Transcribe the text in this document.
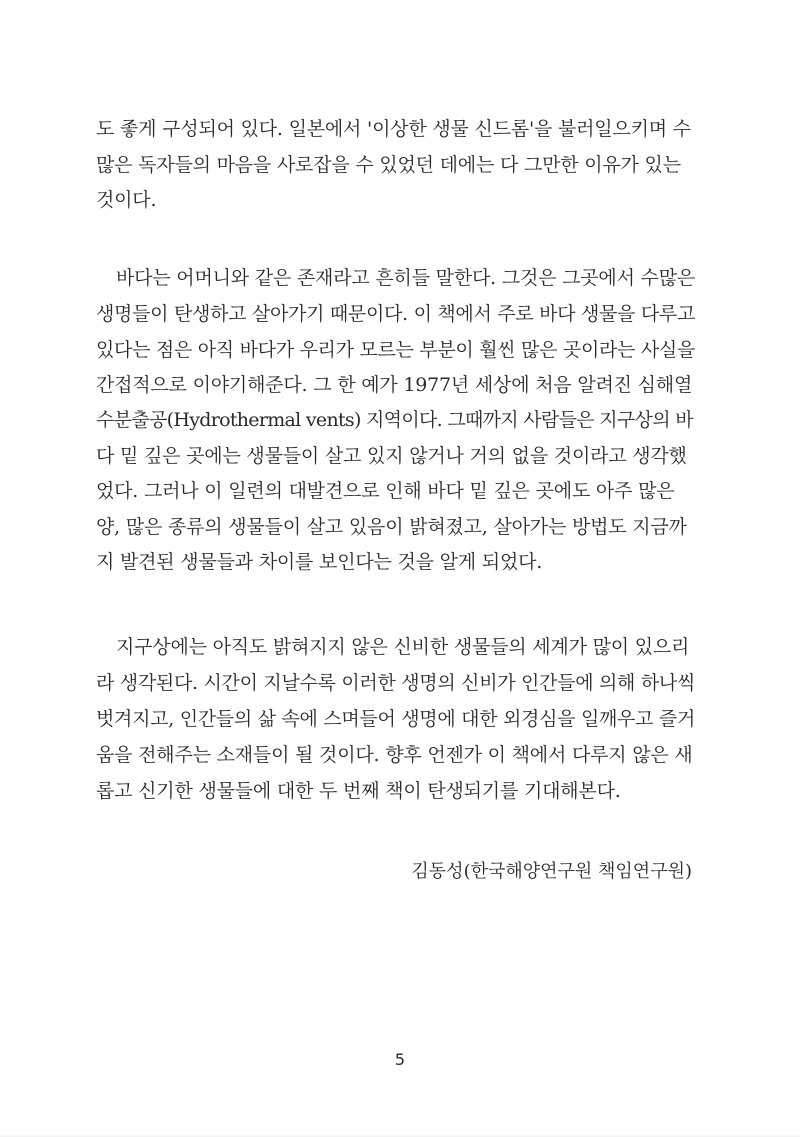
도 좋게 구성되어 있다. 일본에서 '이상한 생물 신드롬'을 불러일으키며 수
많은 독자들의 마음을 사로잡을 수 있었던 데에는 다 그만한 이유가 있는
것이다.
바다는 어머니와 같은 존재라고 흔히들 말한다. 그것은 그곳에서 수많은
생명들이 탄생하고 살아가기 때문이다. 이 책에서 주로 바다 생물을 다루고
있다는 점은 아직 바다가 우리가 모르는 부분이 훨씬 많은 곳이라는 사실을
간접적으로 이야기해준다. 그 한 예가 1977년 세상에 처음 알려진 심해열
수분출공(Hydrothermal vents) 지역이다. 그때까지 사람들은 지구상의 바
다 밑 깊은 곳에는 생물들이 살고 있지 않거나 거의 없을 것이라고 생각했
었다. 그러나 이 일련의 대발견으로 인해 바다 밑 깊은 곳에도 아주 많은
양, 많은 종류의 생물들이 살고 있음이 밝혀졌고, 살아가는 방법도 지금까
지 발견된 생물들과 차이를 보인다는 것을 알게 되었다.
지구상에는 아직도 밝혀지지 않은 신비한 생물들의 세계가 많이 있으리
라 생각된다. 시간이 지날수록 이러한 생명의 신비가 인간들에 의해 하나씩
벗겨지고, 인간들의 삶 속에 스며들어 생명에 대한 외경심을 일깨우고 즐거
움을 전해주는 소재들이 될 것이다. 향후 언젠가 이 책에서 다루지 않은 새
롭고 신기한 생물들에 대한 두 번째 책이 탄생되기를 기대해본다.
김동성(한국해양연구원 책임연구원)
5
